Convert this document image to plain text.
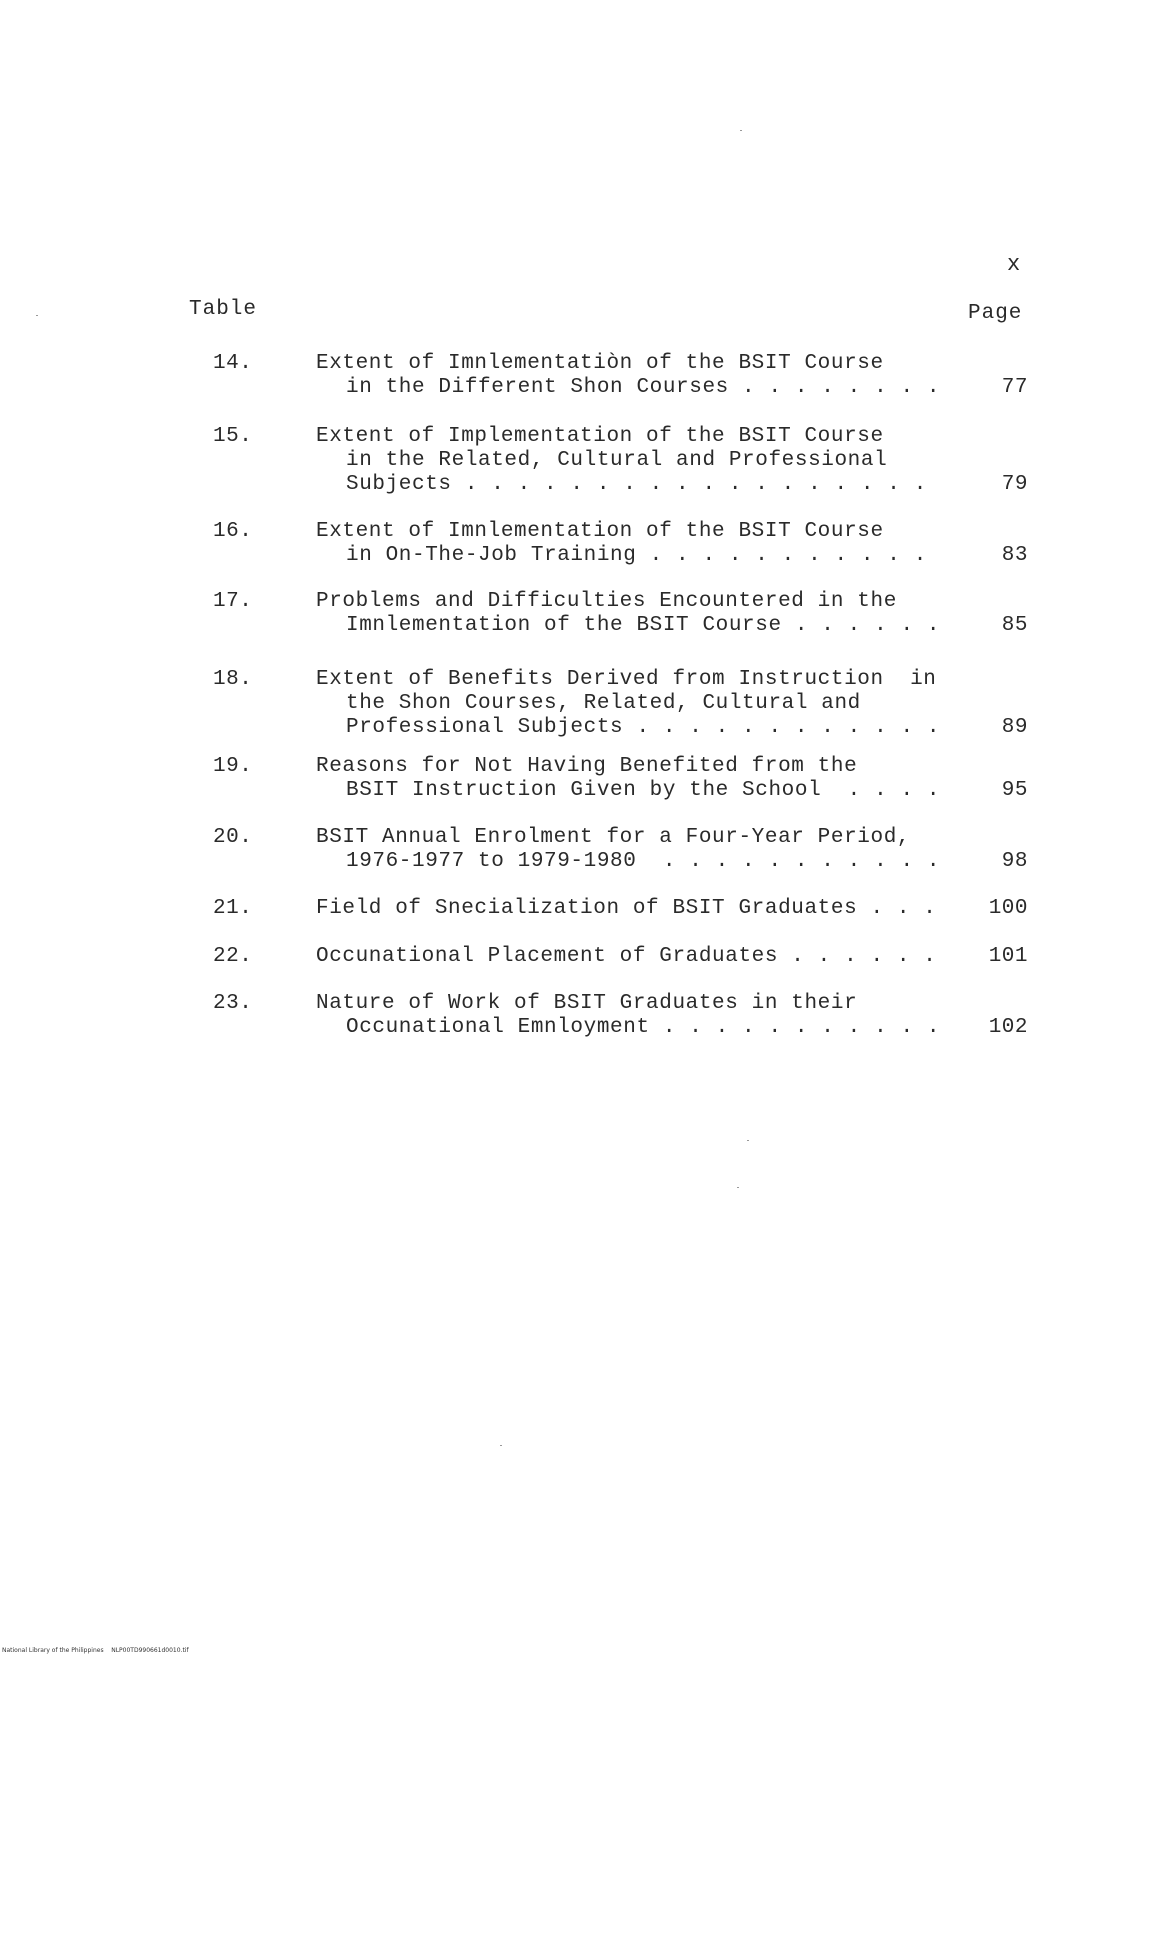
x
Table	Page
14.	Extent of Imnlementatiòn of the BSIT Course
in the Different Shon Courses . . . . . . . .	77
15.	Extent of Implementation of the BSIT Course
in the Related, Cultural and Professional
Subjects . . . . . . . . . . . . . . . . . .	79
16.	Extent of Imnlementation of the BSIT Course
in On-The-Job Training . . . . . . . . . . .	83
17.	Problems and Difficulties Encountered in the
Imnlementation of the BSIT Course . . . . . .	85
18.	Extent of Benefits Derived from Instruction  in
the Shon Courses, Related, Cultural and
Professional Subjects . . . . . . . . . . . .	89
19.	Reasons for Not Having Benefited from the
BSIT Instruction Given by the School  . . . .	95
20.	BSIT Annual Enrolment for a Four-Year Period,
1976-1977 to 1979-1980  . . . . . . . . . . .	98
21.	Field of Snecialization of BSIT Graduates . . . 100
22.	Occunational Placement of Graduates . . . . . . 101
23.	Nature of Work of BSIT Graduates in their
Occunational Emnloyment . . . . . . . . . . . 102
National Library of the Philippines NLP00TD990661d0010.tif
